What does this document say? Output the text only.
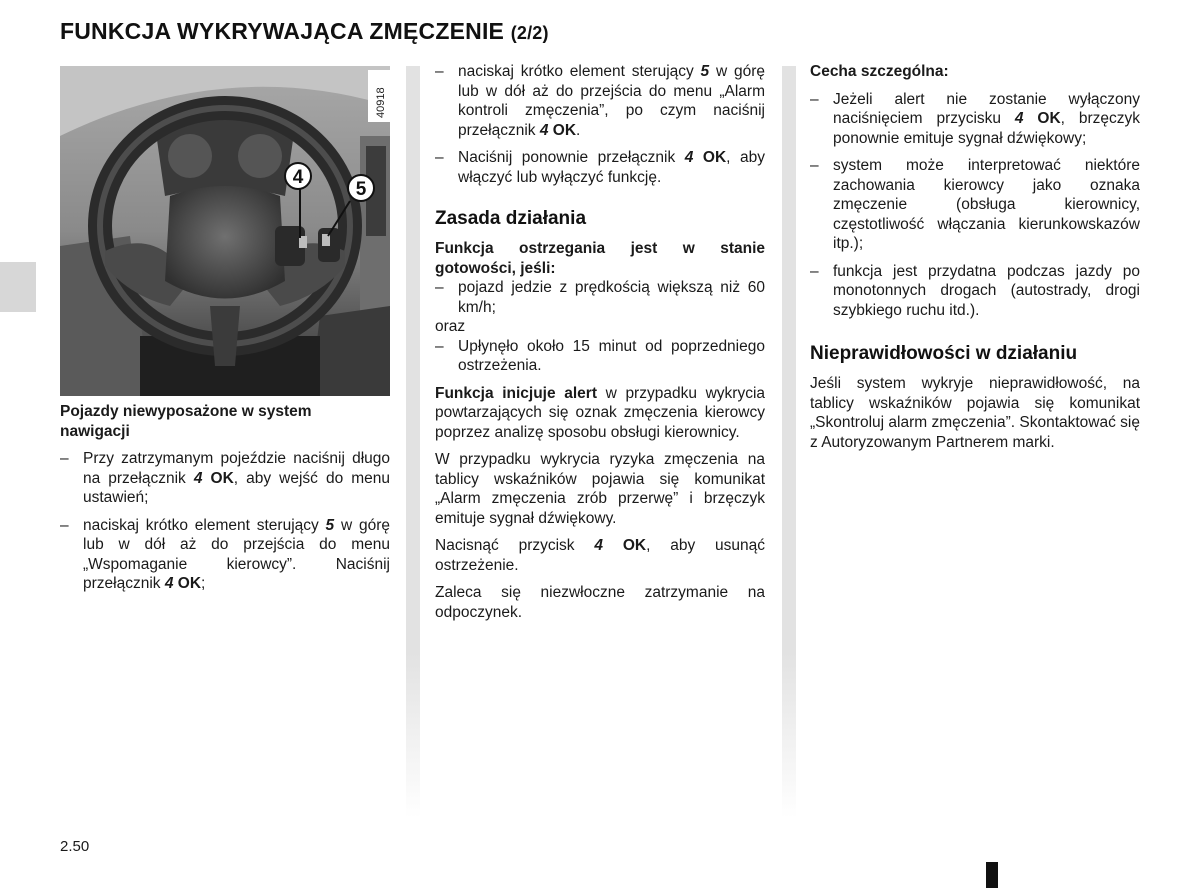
FUNKCJA WYKRYWAJĄCA ZMĘCZENIE (2/2)
4
5
40918

Pojazdy niewyposażone w system
nawigacji

– Przy zatrzymanym pojeździe naciśnij długo na przełącznik 4 OK, aby wejść do menu ustawień;
– naciskaj krótko element sterujący 5 w górę lub w dół aż do przejścia do menu „Wspomaganie kierowcy”. Naciśnij przełącznik 4 OK;
– naciskaj krótko element sterujący 5 w górę lub w dół aż do przejścia do menu „Alarm kontroli zmęczenia”, po czym naciśnij przełącznik 4 OK.
– Naciśnij ponownie przełącznik 4 OK, aby włączyć lub wyłączyć funkcję.
Zasada działania

Funkcja ostrzegania jest w stanie gotowości, jeśli:

– pojazd jedzie z prędkością większą niż 60 km/h;

oraz

– Upłynęło około 15 minut od poprzedniego ostrzeżenia.

Funkcja inicjuje alert w przypadku wykrycia powtarzających się oznak zmęczenia kierowcy poprzez analizę sposobu obsługi kierownicy.

W przypadku wykrycia ryzyka zmęczenia na tablicy wskaźników pojawia się komunikat „Alarm zmęczenia zrób przerwę” i brzęczyk emituje sygnał dźwiękowy.

Nacisnąć przycisk 4 OK, aby usunąć ostrzeżenie.

Zaleca się niezwłoczne zatrzymanie na odpoczynek.

Cecha szczególna:

– Jeżeli alert nie zostanie wyłączony naciśnięciem przycisku 4 OK, brzęczyk ponownie emituje sygnał dźwiękowy;
– system może interpretować niektóre zachowania kierowcy jako oznaka zmęczenie (obsługa kierownicy, częstotliwość włączania kierunkowskazów itp.);
– funkcja jest przydatna podczas jazdy po monotonnych drogach (autostrady, drogi szybkiego ruchu itd.).
Nieprawidłowości w działaniu

Jeśli system wykryje nieprawidłowość, na tablicy wskaźników pojawia się komunikat „Skontroluj alarm zmęczenia”. Skontaktować się z Autoryzowanym Partnerem marki.

2.50
